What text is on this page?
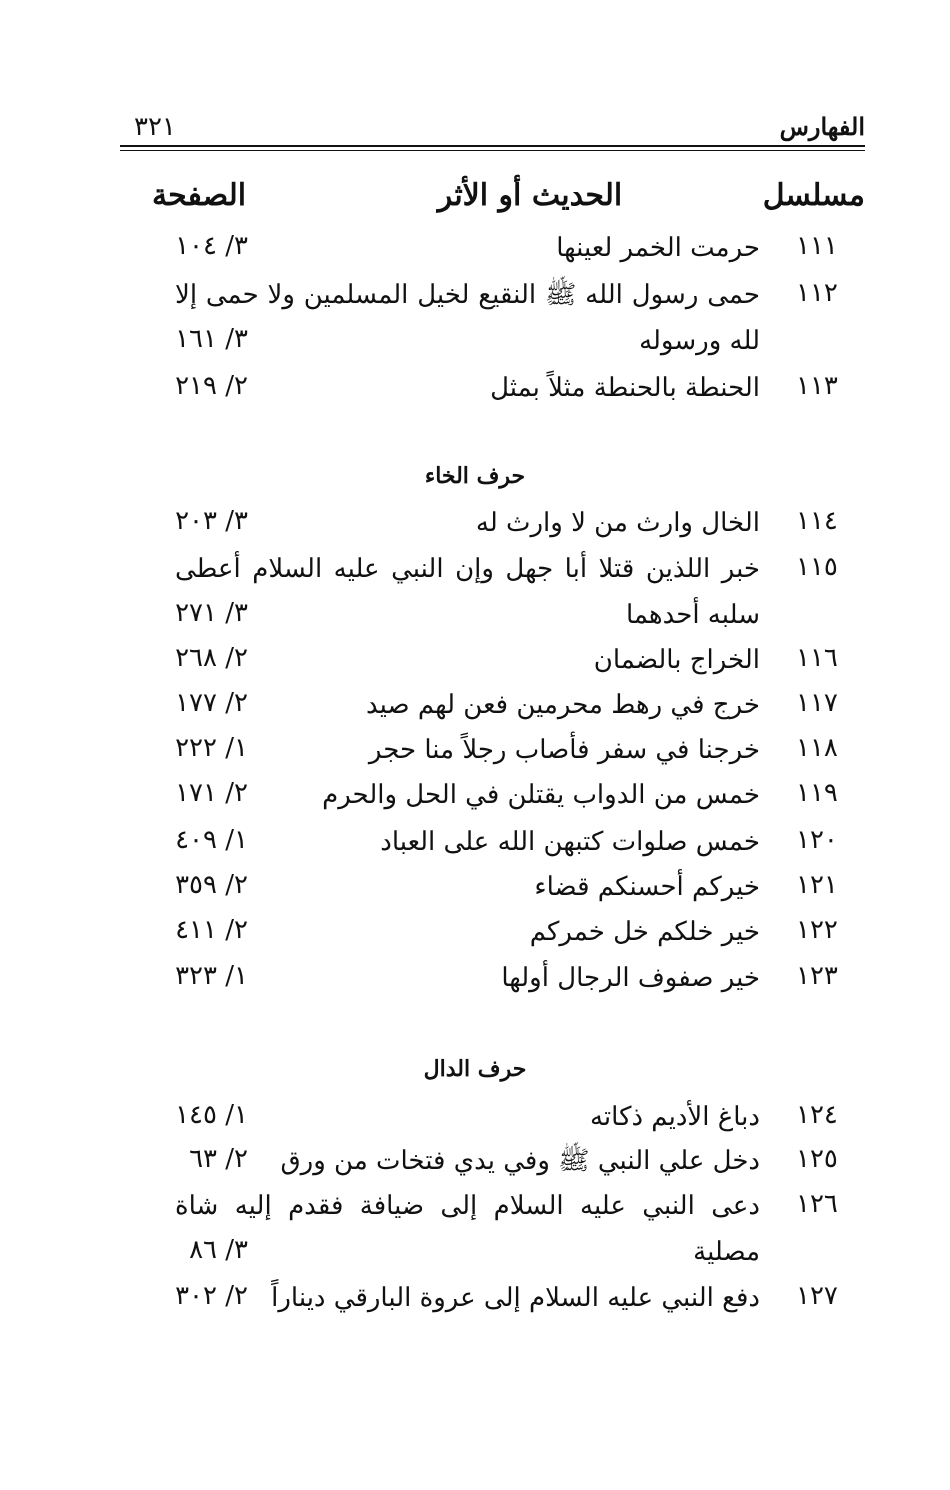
الفهارس
٣٢١
مسلسل
الحديث أو الأثر
الصفحة
١١١
حرمت الخمر لعينها
٣/ ١٠٤
١١٢
حمى رسول الله ﷺ النقيع لخيل المسلمين ولا حمى إلا لله ورسوله
٣/ ١٦١
١١٣
الحنطة بالحنطة مثلاً بمثل
٢/ ٢١٩
حرف الخاء
١١٤
الخال وارث من لا وارث له
٣/ ٢٠٣
١١٥
خبر اللذين قتلا أبا جهل وإن النبي عليه السلام أعطى سلبه أحدهما
٣/ ٢٧١
١١٦
الخراج بالضمان
٢/ ٢٦٨
١١٧
خرج في رهط محرمين فعن لهم صيد
٢/ ١٧٧
١١٨
خرجنا في سفر فأصاب رجلاً منا حجر
١/ ٢٢٢
١١٩
خمس من الدواب يقتلن في الحل والحرم
٢/ ١٧١
١٢٠
خمس صلوات كتبهن الله على العباد
١/ ٤٠٩
١٢١
خيركم أحسنكم قضاء
٢/ ٣٥٩
١٢٢
خير خلكم خل خمركم
٢/ ٤١١
١٢٣
خير صفوف الرجال أولها
١/ ٣٢٣
حرف الدال
١٢٤
دباغ الأديم ذكاته
١/ ١٤٥
١٢٥
دخل علي النبي ﷺ وفي يدي فتخات من ورق
٢/ ٦٣
١٢٦
دعى النبي عليه السلام إلى ضيافة فقدم إليه شاة مصلية
٣/ ٨٦
١٢٧
دفع النبي عليه السلام إلى عروة البارقي ديناراً
٢/ ٣٠٢
